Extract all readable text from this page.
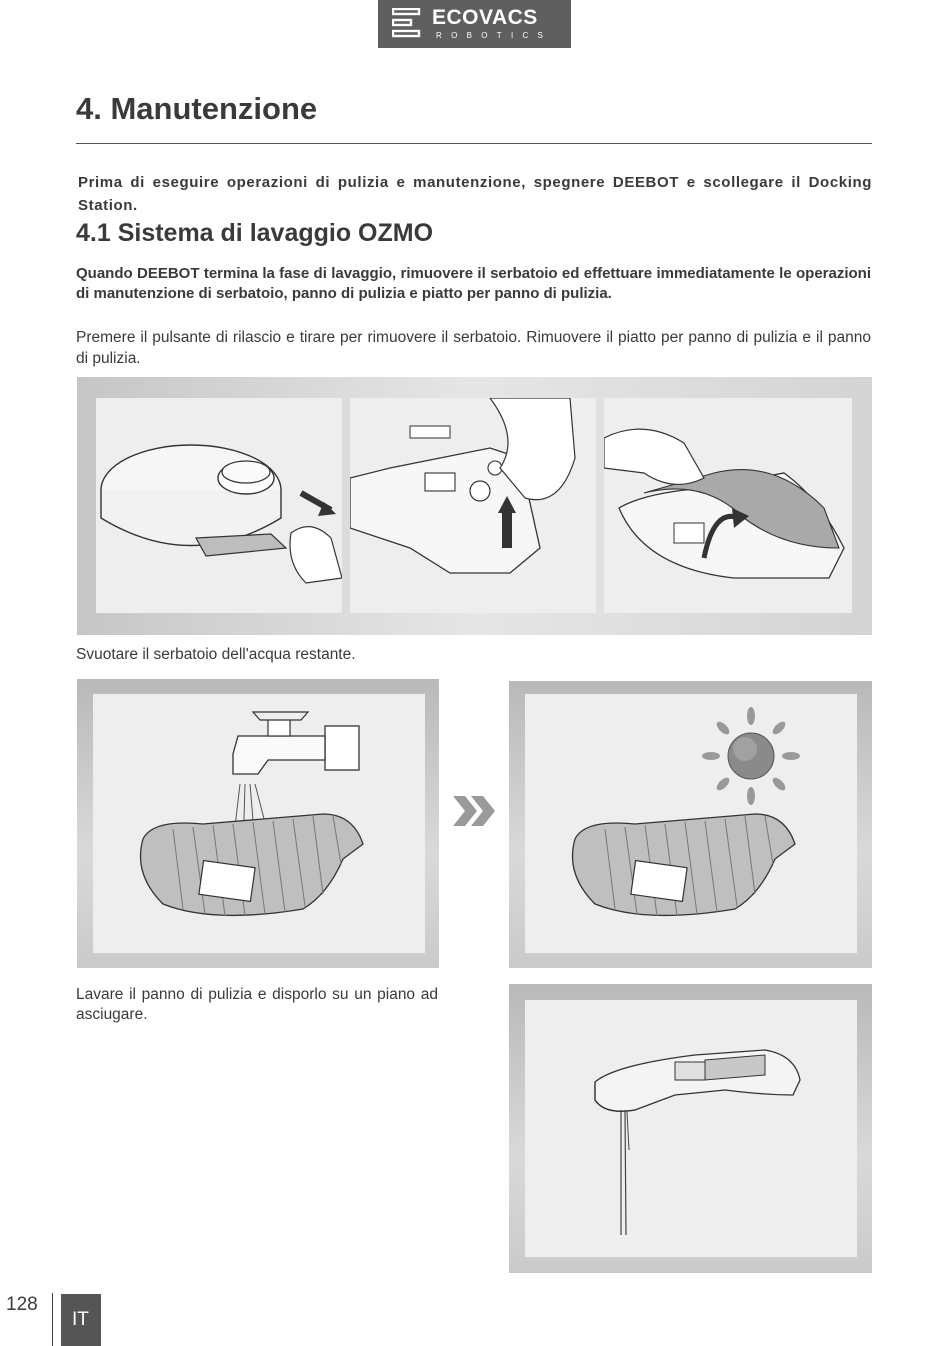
ECOVACS
ROBOTICS
4. Manutenzione
Prima di eseguire operazioni di pulizia e manutenzione, spegnere DEEBOT e scollegare il Docking Station.
4.1 Sistema di lavaggio OZMO
Quando DEEBOT termina la fase di lavaggio, rimuovere il serbatoio ed effettuare immediatamente le operazioni di manutenzione di serbatoio, panno di pulizia e piatto per panno di pulizia.
Premere il pulsante di rilascio e tirare per rimuovere il serbatoio. Rimuovere il piatto per panno di pulizia e il panno di pulizia.
Svuotare il serbatoio dell'acqua restante.
Lavare il panno di pulizia e disporlo su un piano ad asciugare.
128
IT
